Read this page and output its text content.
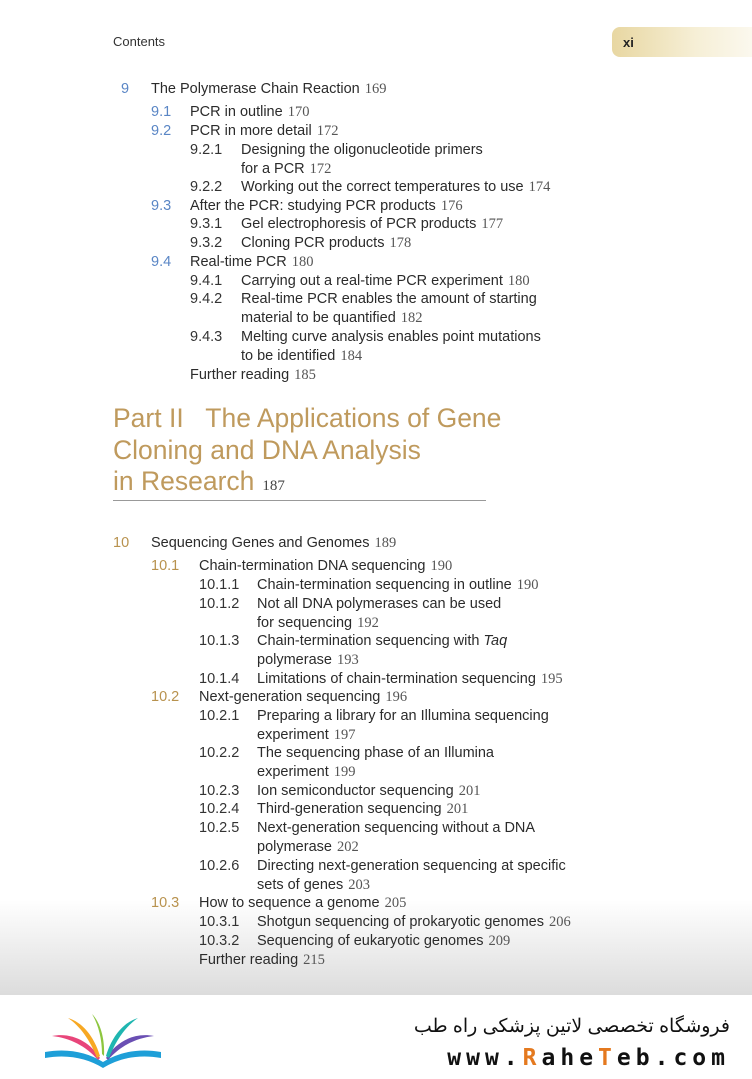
Contents	xi
9 The Polymerase Chain Reaction 169
9.1 PCR in outline 170
9.2 PCR in more detail 172
9.2.1 Designing the oligonucleotide primers
for a PCR 172
9.2.2 Working out the correct temperatures to use 174
9.3 After the PCR: studying PCR products 176
9.3.1 Gel electrophoresis of PCR products 177
9.3.2 Cloning PCR products 178
9.4 Real-time PCR 180
9.4.1 Carrying out a real-time PCR experiment 180
9.4.2 Real-time PCR enables the amount of starting
material to be quantified 182
9.4.3 Melting curve analysis enables point mutations
to be identified 184
Further reading 185
Part II   The Applications of Gene
Cloning and DNA Analysis
in Research 187
10 Sequencing Genes and Genomes 189
10.1 Chain-termination DNA sequencing 190
10.1.1 Chain-termination sequencing in outline 190
10.1.2 Not all DNA polymerases can be used
for sequencing 192
10.1.3 Chain-termination sequencing with Taq
polymerase 193
10.1.4 Limitations of chain-termination sequencing 195
10.2 Next-generation sequencing 196
10.2.1 Preparing a library for an Illumina sequencing
experiment 197
10.2.2 The sequencing phase of an Illumina
experiment 199
10.2.3 Ion semiconductor sequencing 201
10.2.4 Third-generation sequencing 201
10.2.5 Next-generation sequencing without a DNA
polymerase 202
10.2.6 Directing next-generation sequencing at specific
sets of genes 203
10.3 How to sequence a genome 205
10.3.1 Shotgun sequencing of prokaryotic genomes 206
10.3.2 Sequencing of eukaryotic genomes 209
Further reading 215
فروشگاه تخصصی لاتین پزشکی راه طب
www.RaheTeb.com
